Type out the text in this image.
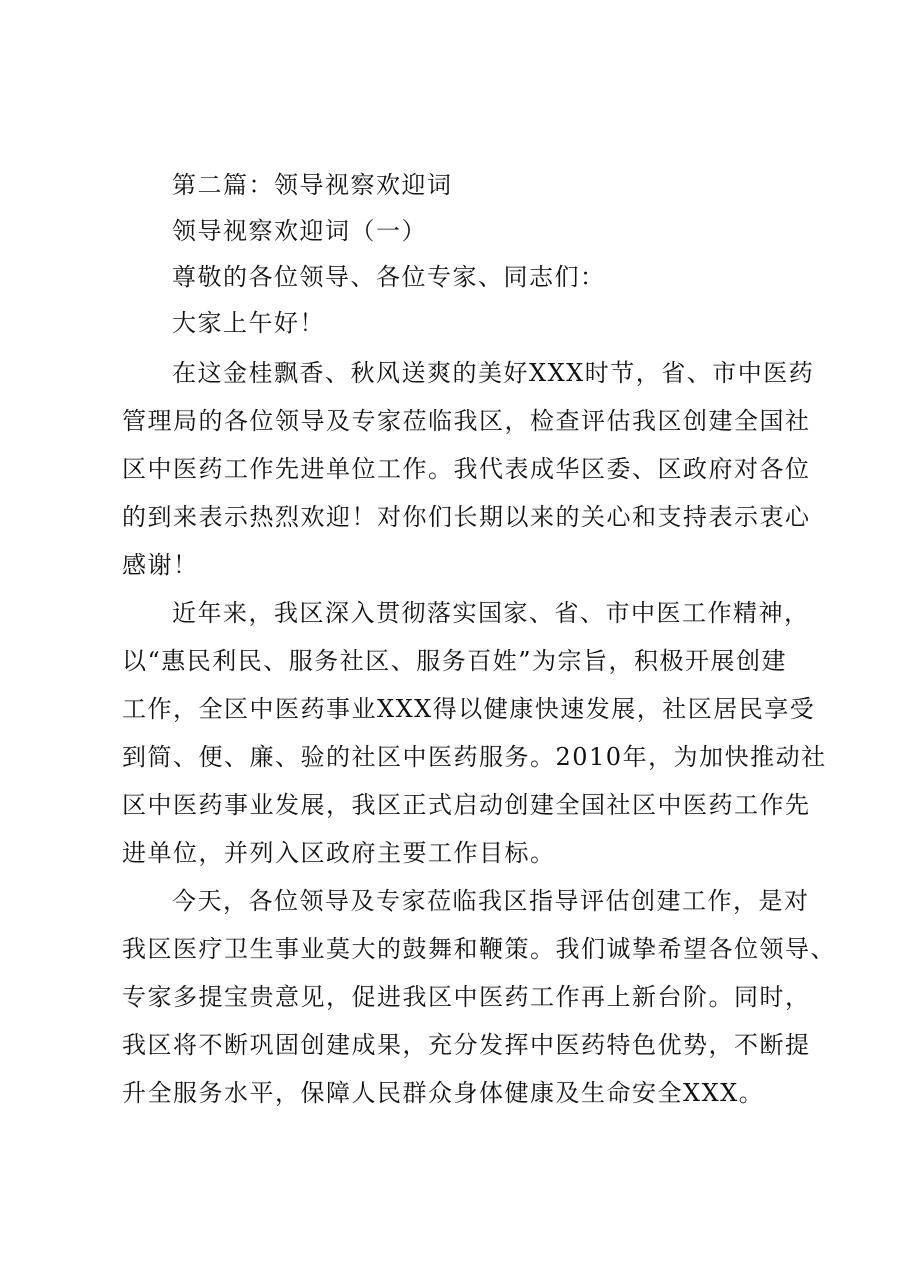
第二篇：领导视察欢迎词
领导视察欢迎词（一）
尊敬的各位领导、各位专家、同志们：
大家上午好！
在这金桂飘香、秋风送爽的美好XXX时节，省、市中医药
管理局的各位领导及专家莅临我区，检查评估我区创建全国社
区中医药工作先进单位工作。我代表成华区委、区政府对各位
的到来表示热烈欢迎！对你们长期以来的关心和支持表示衷心
感谢！
近年来，我区深入贯彻落实国家、省、市中医工作精神，
以“惠民利民、服务社区、服务百姓”为宗旨，积极开展创建
工作，全区中医药事业XXX得以健康快速发展，社区居民享受
到简、便、廉、验的社区中医药服务。2010年，为加快推动社
区中医药事业发展，我区正式启动创建全国社区中医药工作先
进单位，并列入区政府主要工作目标。
今天，各位领导及专家莅临我区指导评估创建工作，是对
我区医疗卫生事业莫大的鼓舞和鞭策。我们诚挚希望各位领导、
专家多提宝贵意见，促进我区中医药工作再上新台阶。同时，
我区将不断巩固创建成果，充分发挥中医药特色优势，不断提
升全服务水平，保障人民群众身体健康及生命安全XXX。
